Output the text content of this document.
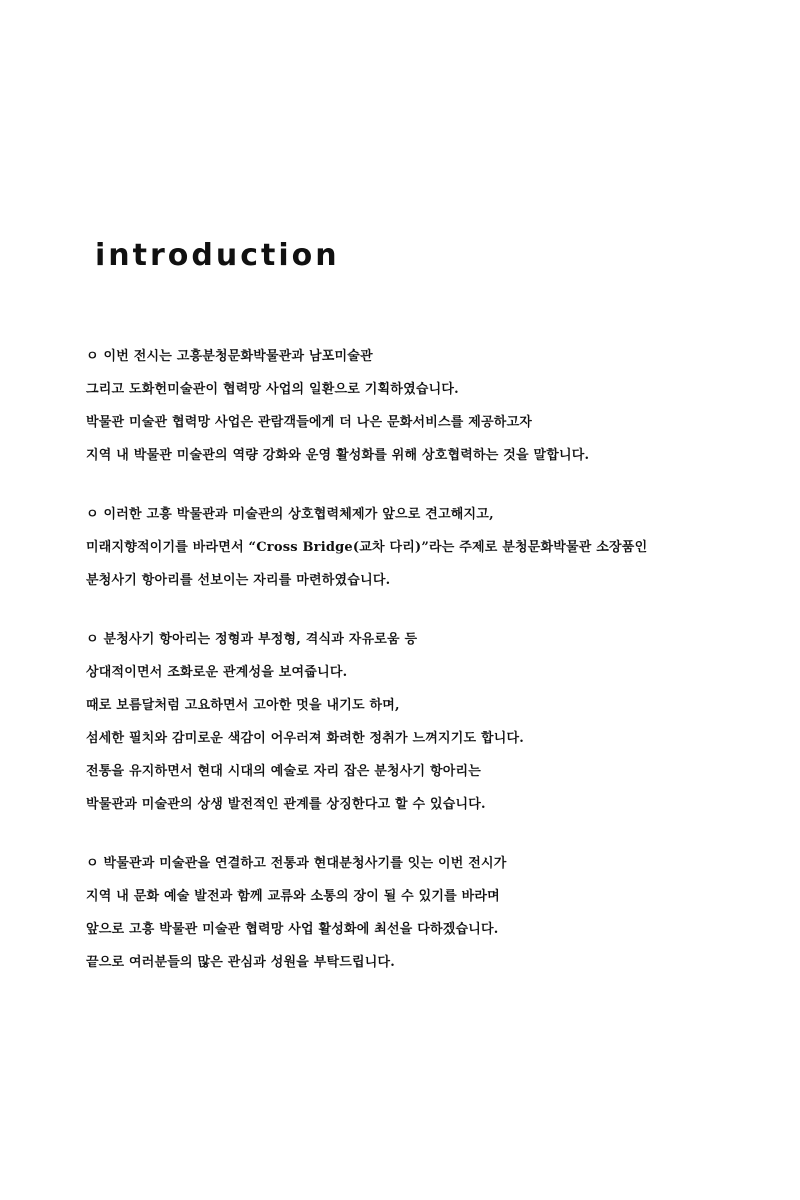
introduction
ㅇ 이번 전시는 고흥분청문화박물관과 남포미술관
그리고 도화헌미술관이 협력망 사업의 일환으로 기획하였습니다.
박물관 미술관 협력망 사업은 관람객들에게 더 나은 문화서비스를 제공하고자
지역 내 박물관 미술관의 역량 강화와 운영 활성화를 위해 상호협력하는 것을 말합니다.
ㅇ 이러한 고흥 박물관과 미술관의 상호협력체제가 앞으로 견고해지고,
미래지향적이기를 바라면서 “Cross Bridge(교차 다리)”라는 주제로 분청문화박물관 소장품인
분청사기 항아리를 선보이는 자리를 마련하였습니다.
ㅇ 분청사기 항아리는 정형과 부정형, 격식과 자유로움 등
상대적이면서 조화로운 관계성을 보여줍니다.
때로 보름달처럼 고요하면서 고아한 멋을 내기도 하며,
섬세한 필치와 감미로운 색감이 어우러져 화려한 정취가 느껴지기도 합니다.
전통을 유지하면서 현대 시대의 예술로 자리 잡은 분청사기 항아리는
박물관과 미술관의 상생 발전적인 관계를 상징한다고 할 수 있습니다.
ㅇ 박물관과 미술관을 연결하고 전통과 현대분청사기를 잇는 이번 전시가
지역 내 문화 예술 발전과 함께 교류와 소통의 장이 될 수 있기를 바라며
앞으로 고흥 박물관 미술관 협력망 사업 활성화에 최선을 다하겠습니다.
끝으로 여러분들의 많은 관심과 성원을 부탁드립니다.
